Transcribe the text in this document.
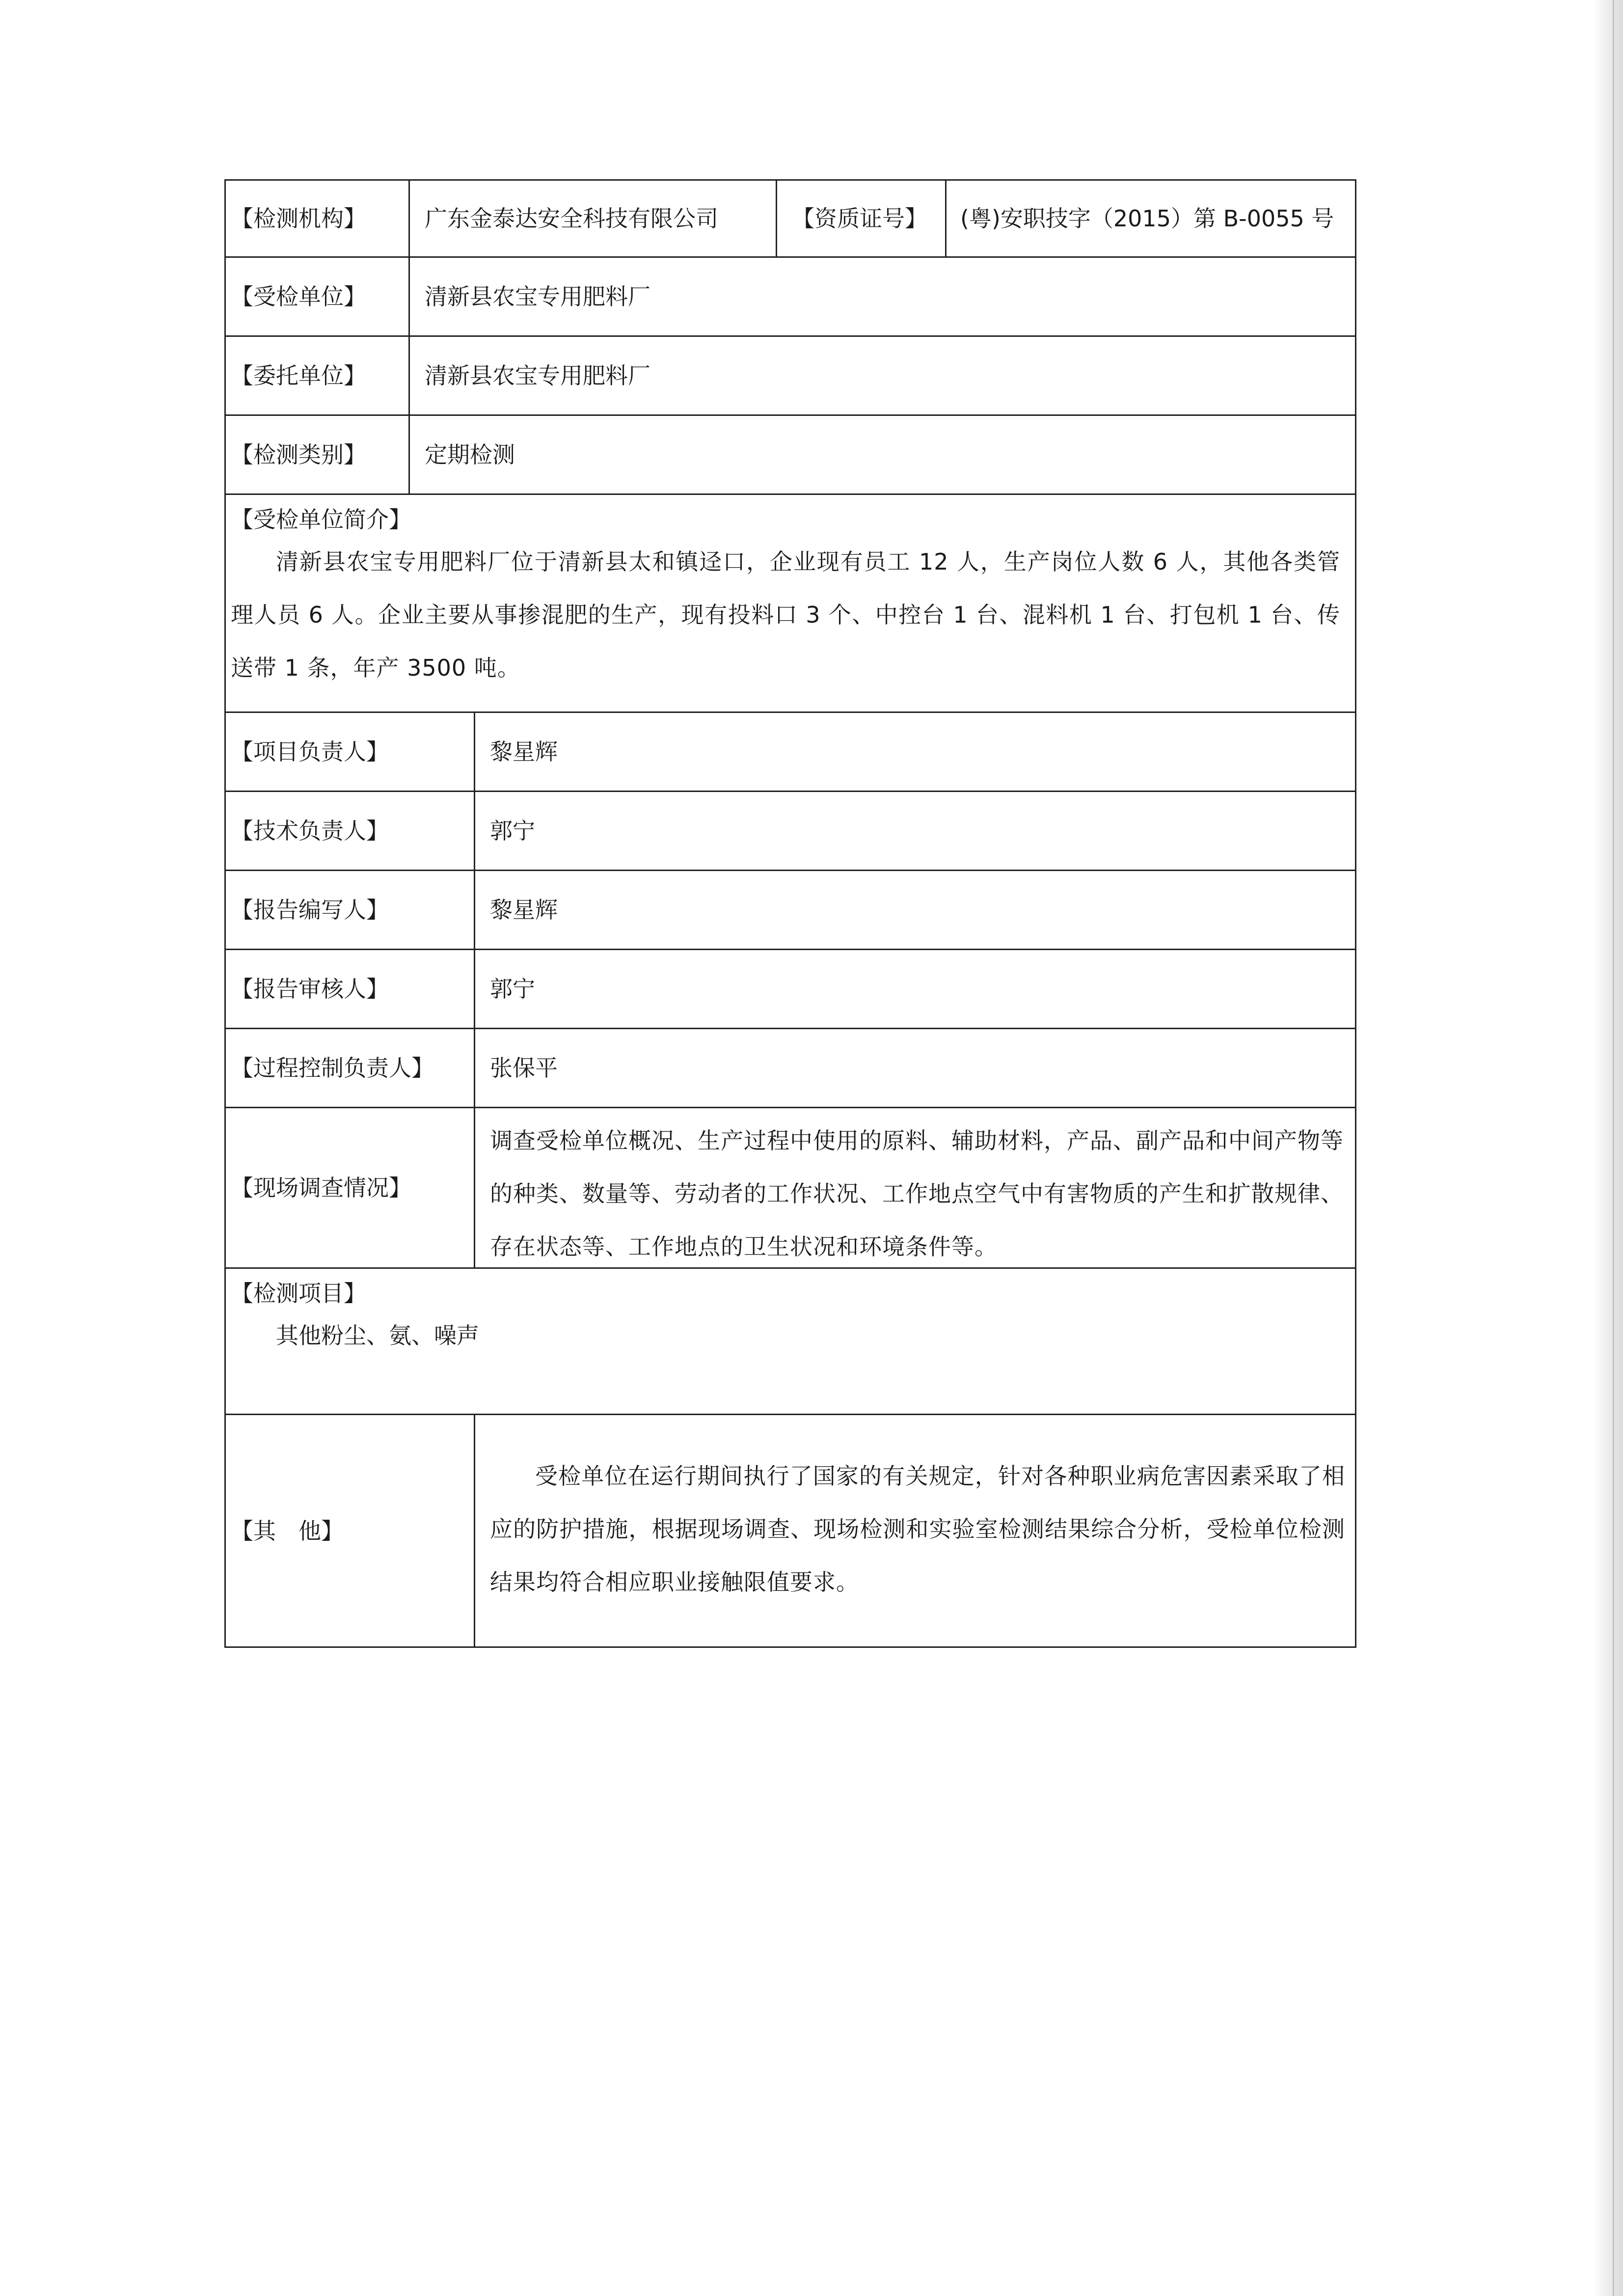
【检测机构】	广东金泰达安全科技有限公司	【资质证号】	(粤)安职技字（2015）第 B-0055 号
【受检单位】	清新县农宝专用肥料厂
【委托单位】	清新县农宝专用肥料厂
【检测类别】	定期检测
【受检单位简介】

清新县农宝专用肥料厂位于清新县太和镇迳口，企业现有员工 12 人，生产岗位人数 6 人，其他各类管理人员 6 人。企业主要从事掺混肥的生产，现有投料口 3 个、中控台 1 台、混料机 1 台、打包机 1 台、传送带 1 条，年产 3500 吨。

【项目负责人】	黎星辉
【技术负责人】	郭宁
【报告编写人】	黎星辉
【报告审核人】	郭宁
【过程控制负责人】	张保平
【现场调查情况】

调查受检单位概况、生产过程中使用的原料、辅助材料，产品、副产品和中间产物等的种类、数量等、劳动者的工作状况、工作地点空气中有害物质的产生和扩散规律、存在状态等、工作地点的卫生状况和环境条件等。

【检测项目】
其他粉尘、氨、噪声
【其　他】

受检单位在运行期间执行了国家的有关规定，针对各种职业病危害因素采取了相应的防护措施，根据现场调查、现场检测和实验室检测结果综合分析，受检单位检测结果均符合相应职业接触限值要求。
